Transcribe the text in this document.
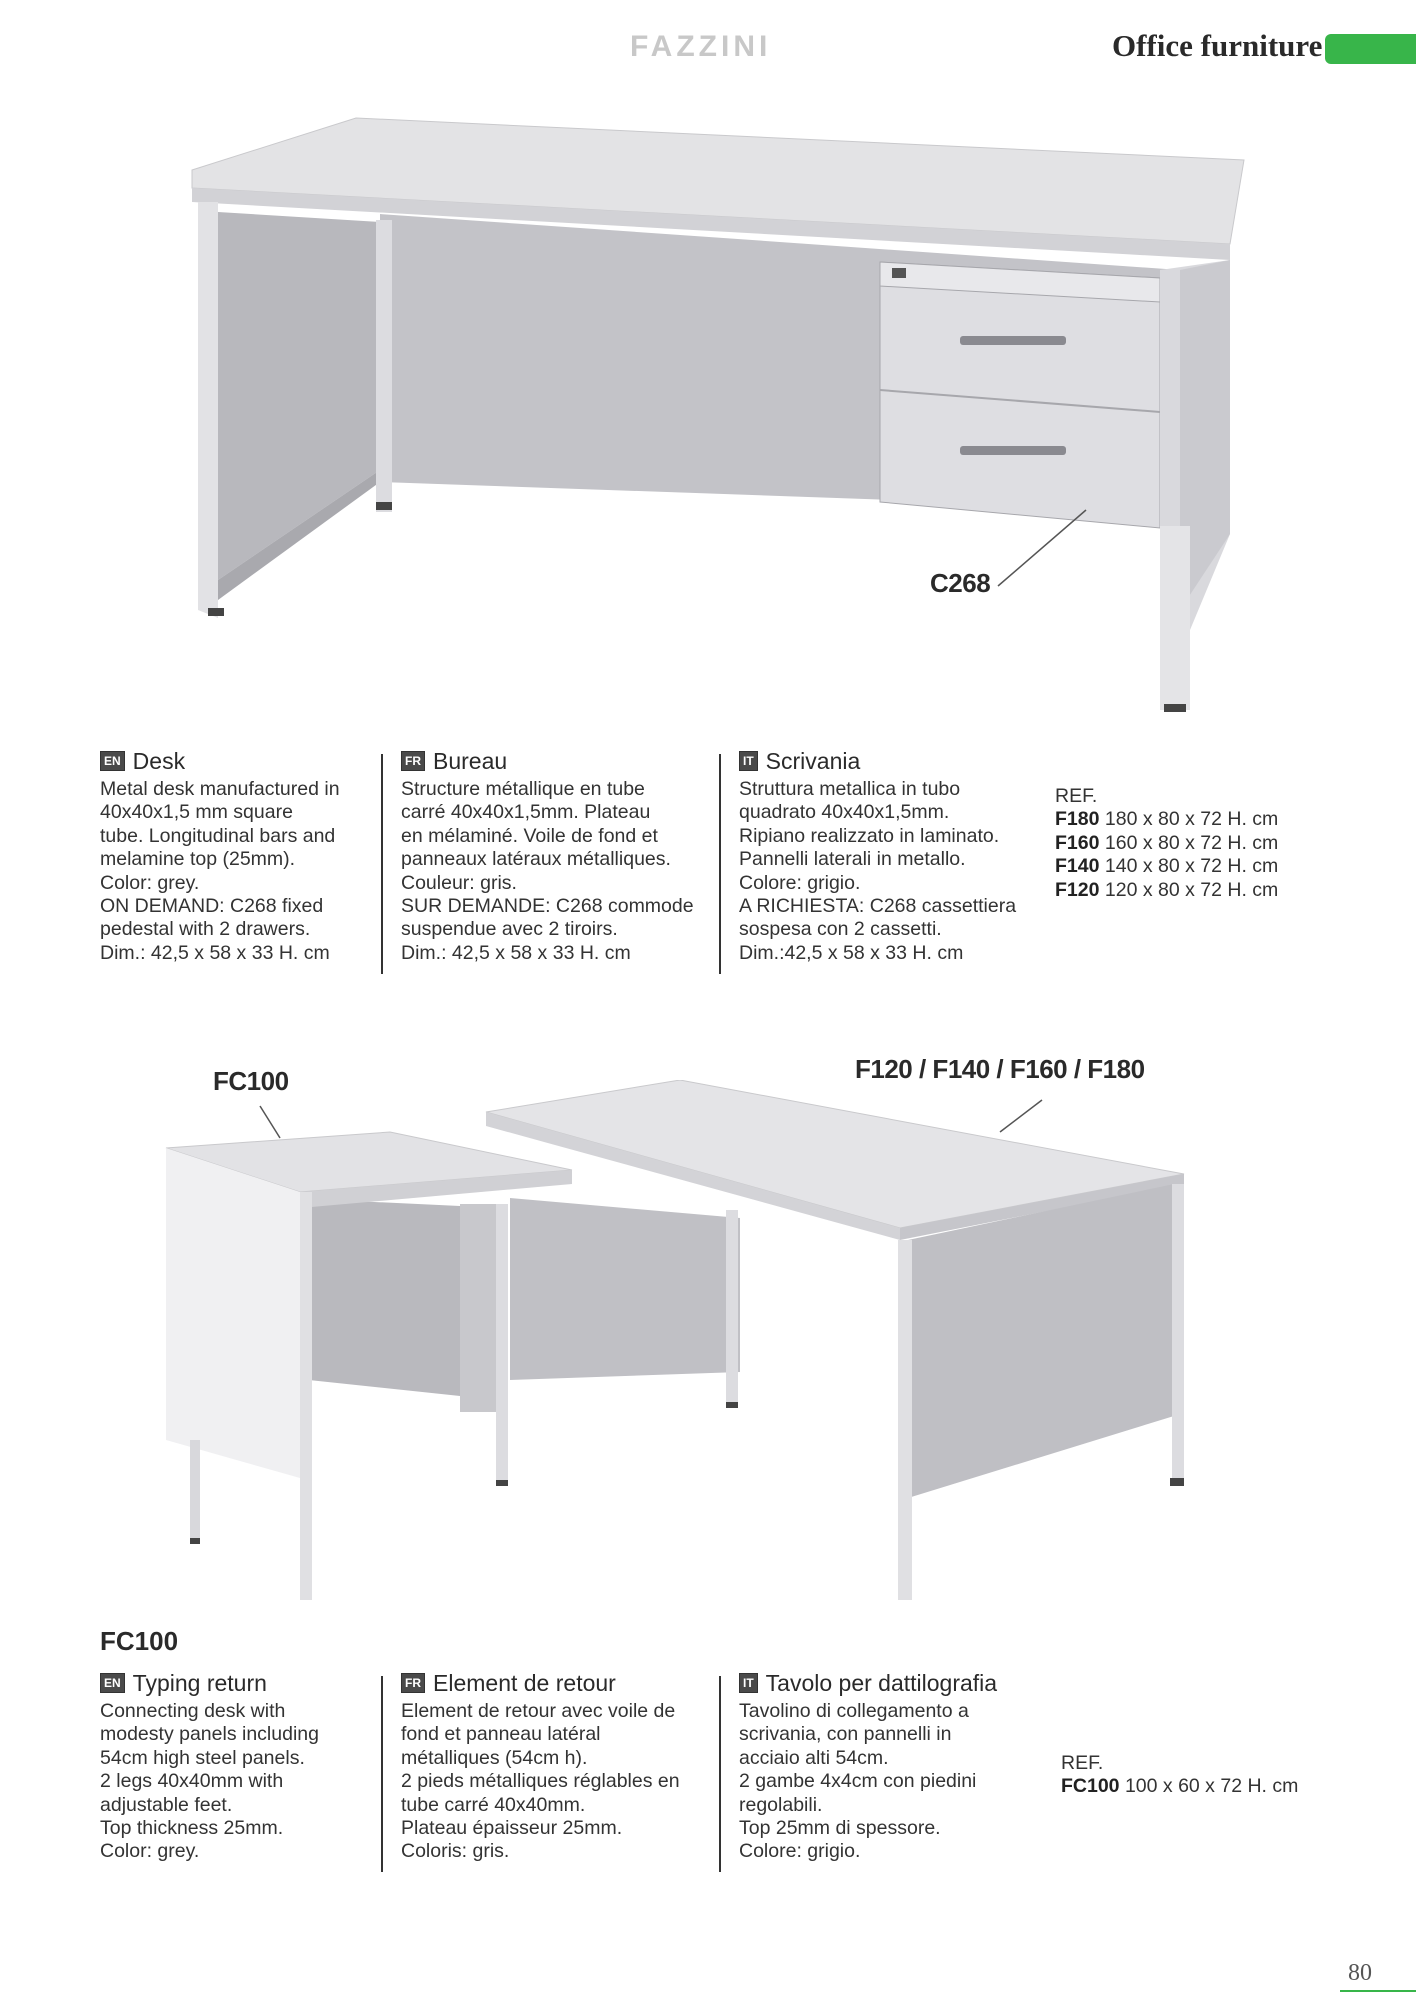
FAZZINI	Office furniture
C268
EN Desk
Metal desk manufactured in
40x40x1,5 mm square
tube. Longitudinal bars and
melamine top (25mm).
Color: grey.
ON DEMAND: C268 fixed
pedestal with 2 drawers.
Dim.: 42,5 x 58 x 33 H. cm
FR Bureau
Structure métallique en tube
carré 40x40x1,5mm. Plateau
en mélaminé. Voile de fond et
panneaux latéraux métalliques.
Couleur: gris.
SUR DEMANDE: C268 commode
suspendue avec 2 tiroirs.
Dim.: 42,5 x 58 x 33 H. cm
IT Scrivania
Struttura metallica in tubo
quadrato 40x40x1,5mm.
Ripiano realizzato in laminato.
Pannelli laterali in metallo.
Colore: grigio.
A RICHIESTA: C268 cassettiera
sospesa con 2 cassetti.
Dim.:42,5 x 58 x 33 H. cm
REF.
F180 180 x 80 x 72 H. cm
F160 160 x 80 x 72 H. cm
F140 140 x 80 x 72 H. cm
F120 120 x 80 x 72 H. cm
FC100	F120 / F140 / F160 / F180
FC100
EN Typing return
Connecting desk with
modesty panels including
54cm high steel panels.
2 legs 40x40mm with
adjustable feet.
Top thickness 25mm.
Color: grey.
FR Element de retour
Element de retour avec voile de
fond et panneau latéral
métalliques (54cm h).
2 pieds métalliques réglables en
tube carré 40x40mm.
Plateau épaisseur 25mm.
Coloris: gris.
IT Tavolo per dattilografia
Tavolino di collegamento a
scrivania, con pannelli in
acciaio alti 54cm.
2 gambe 4x4cm con piedini
regolabili.
Top 25mm di spessore.
Colore: grigio.
REF.
FC100 100 x 60 x 72 H. cm
80
